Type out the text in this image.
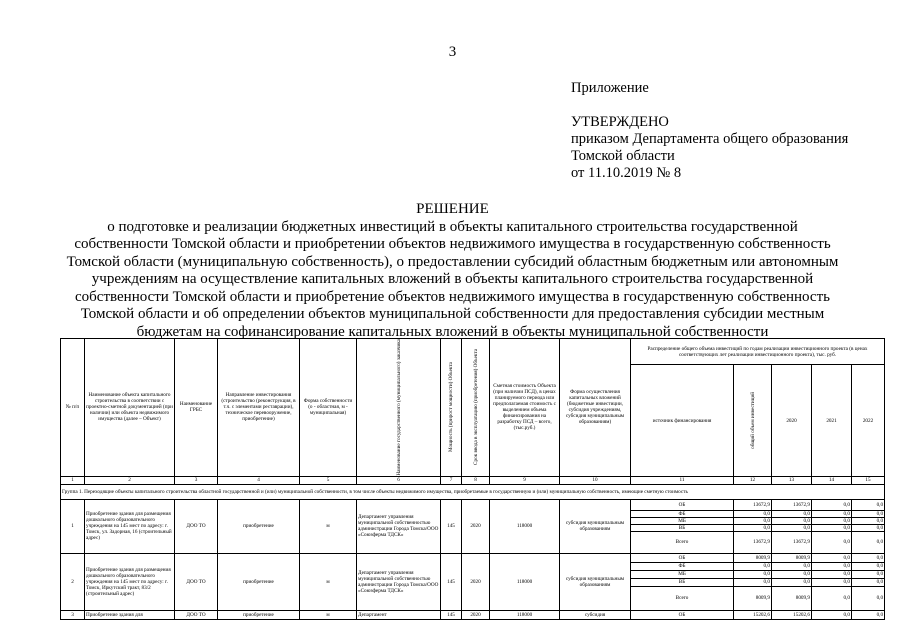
3
Приложение
УТВЕРЖДЕНО
приказом Департамента общего образования
Томской области
от 11.10.2019 № 8
РЕШЕНИЕ
о подготовке и реализации бюджетных инвестиций в объекты капитального строительства государственной
собственности Томской области и приобретении объектов недвижимого имущества в государственную собственность
Томской области (муниципальную собственность), о предоставлении субсидий областным бюджетным или автономным
учреждениям на осуществление капитальных вложений в объекты капитального строительства государственной
собственности Томской области и приобретение объектов недвижимого имущества в государственную собственность
Томской области и об определении объектов муниципальной собственности для предоставления субсидии местным
бюджетам на софинансирование капитальных вложений в объекты муниципальной собственности
№ п/п	Наименование объекта капитального строительства в соответствии с проектно-сметной документацией (при наличии) или объекта недвижимого имущества (далее – Объект)	Наименование ГРБС	Направление инвестирования (строительство (реконструкция, в т.ч. с элементами реставрации), техническое перевооружение, приобретение)	Форма собственности (о - областная, м - муниципальная)	Наименование государственного (муниципального) заказчика	Мощность (прирост мощности) Объекта	Срок ввода в эксплуатацию (приобретения) Объекта	Сметная стоимость Объекта (при наличии ПСД), в ценах планируемого периода или предполагаемая стоимость с выделением объема финансирования на разработку ПСД – всего, (тыс.руб.)	Форма осуществления капитальных вложений (бюджетные инвестиции, субсидия учреждениям, субсидия муниципальным образованиям)	Распределение общего объема инвестиций по годам реализации инвестиционного проекта (в ценах соответствующих лет реализации инвестиционного проекта), тыс. руб.				
										источник финансирования	общий объем инвестиций	2020	2021	2022
1	2	3	4	5	6	7	8	9	10	11	12	13	14	15
Группа 1. Переходящие объекты капитального строительства областной государственной и (или) муниципальной собственности, в том числе объекты недвижимого имущества, приобретаемые в государственную и (или) муниципальную собственность, имеющие сметную стоимость														
1	Приобретение здания для размещения дошкольного образовательного учреждения на 145 мест по адресу: г. Томск, ул. Задорная, 16 (строительный адрес)	ДОО ТО	приобретение	м	Департамент управления муниципальной собственностью администрации Города Томска/ООО «Союзферма ТДСК»	145	2020	118000	субсидия муниципальным образованиям	ОБ	13672,9	13672,9	0,0	0,0
										ФБ	0,0	0,0	0,0	0,0
										МБ	0,0	0,0	0,0	0,0
										ВБ	0,0	0,0	0,0	0,0
										Всего	13672,9	13672,9	0,0	0,0
2	Приобретение здания для размещения дошкольного образовательного учреждения на 145 мест по адресу: г. Томск, Иркутский тракт, 83/2 (строительный адрес)	ДОО ТО	приобретение	м	Департамент управления муниципальной собственностью администрации Города Томска/ООО «Союзферма ТДСК»	145	2020	118000	субсидия муниципальным образованиям	ОБ	8009,9	8009,9	0,0	0,0
										ФБ	0,0	0,0	0,0	0,0
										МБ	0,0	0,0	0,0	0,0
										ВБ	0,0	0,0	0,0	0,0
										Всего	8009,9	8009,9	0,0	0,0
3	Приобретение здания для	ДОО ТО	приобретение	м	Департамент	145	2020	118000	субсидия	ОБ	15202,6	15202,6	0,0	0,0
